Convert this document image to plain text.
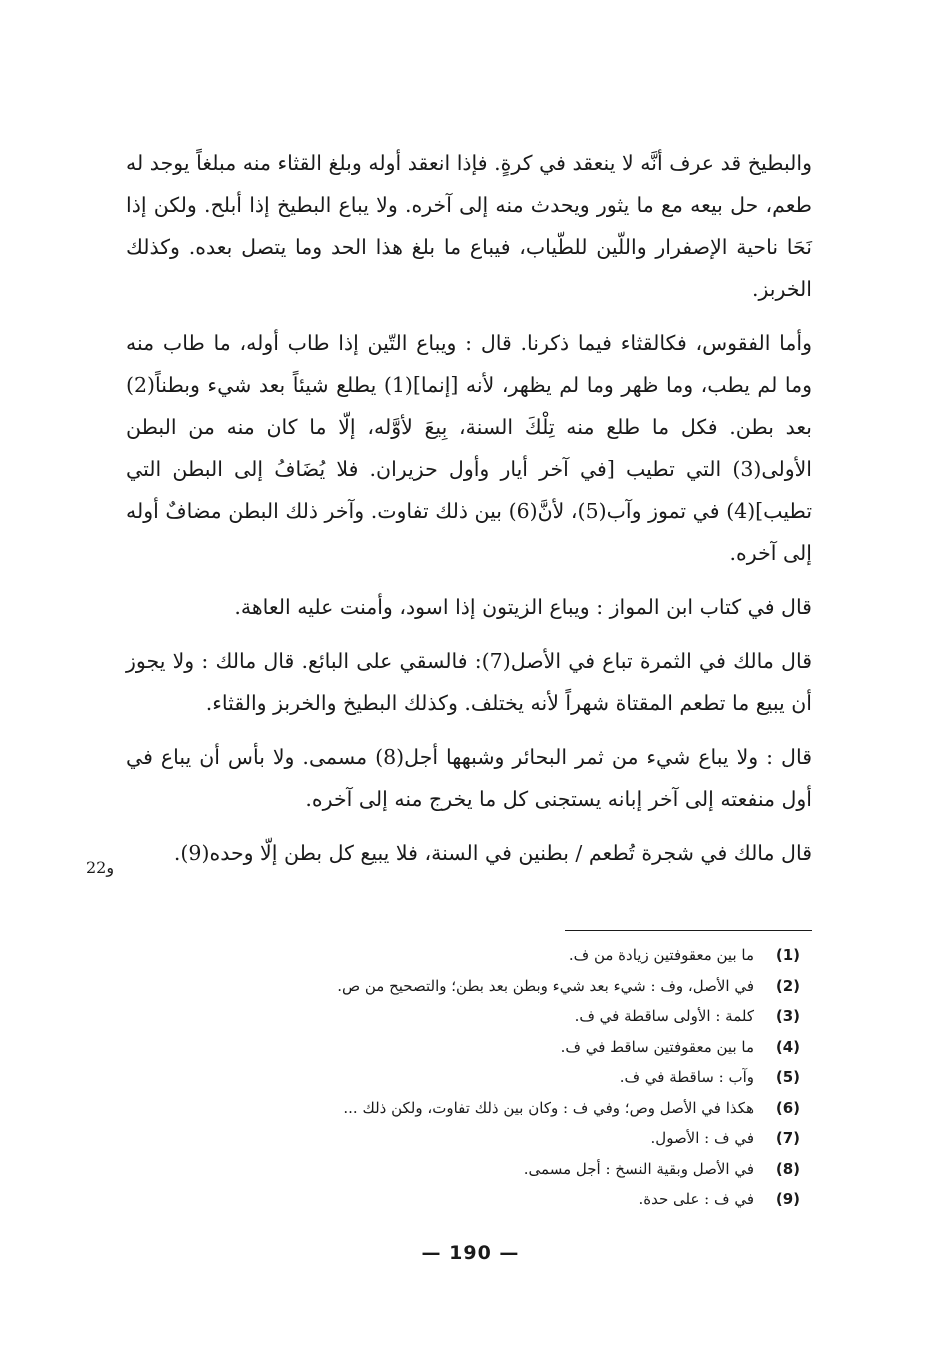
والبطيخ قد عرف أنَّه لا ينعقد في كرةٍ. فإذا انعقد أوله وبلغ القثاء منه مبلغاً يوجد له طعم، حل بيعه مع ما يثور ويحدث منه إلى آخره. ولا يباع البطيخ إذا أبلح. ولكن إذا نَحَا ناحية الإصفرار واللّين للطّياب، فيباع ما بلغ هذا الحد وما يتصل بعده. وكذلك الخربز.

وأما الفقوس، فكالقثاء فيما ذكرنا. قال : ويباع التّين إذا طاب أوله، ما طاب منه وما لم يطب، وما ظهر وما لم يظهر، لأنه [إنما](1) يطلع شيئاً بعد شيء وبطناً(2) بعد بطن. فكل ما طلع منه تِلْكَ السنة، بِيعَ لأوَّله، إلّا ما كان منه من البطن الأولى(3) التي تطيب [في آخر أيار وأول حزيران. فلا يُضَافُ إلى البطن التي تطيب](4) في تموز وآب(5)، لأنَّ(6) بين ذلك تفاوت. وآخر ذلك البطن مضافٌ أوله إلى آخره.

قال في كتاب ابن المواز : ويباع الزيتون إذا اسود، وأمنت عليه العاهة.

قال مالك في الثمرة تباع في الأصل(7): فالسقي على البائع. قال مالك : ولا يجوز أن يبيع ما تطعم المقتاة شهراً لأنه يختلف. وكذلك البطيخ والخربز والقثاء.

قال : ولا يباع شيء من ثمر البحائر وشبهها أجل(8) مسمى. ولا بأس أن يباع في أول منفعته إلى آخر إبانه يستجنى كل ما يخرج منه إلى آخره.

قال مالك في شجرة تُطعم / بطنين في السنة، فلا يبيع كل بطن إلّا وحده(9).

22و
(1)
ما بين معقوفتين زيادة من ف.
(2)
في الأصل، وف : شيء بعد شيء وبطن بعد بطن؛ والتصحيح من ص.
(3)
كلمة : الأولى ساقطة في ف.
(4)
ما بين معقوفتين ساقط في ف.
(5)
وآب : ساقطة في ف.
(6)
هكذا في الأصل وص؛ وفي ف : وكان بين ذلك تفاوت، ولكن ذلك ...
(7)
في ف : الأصول.
(8)
في الأصل وبقية النسخ : أجل مسمى.
(9)
في ف : على حدة.
— 190 —
